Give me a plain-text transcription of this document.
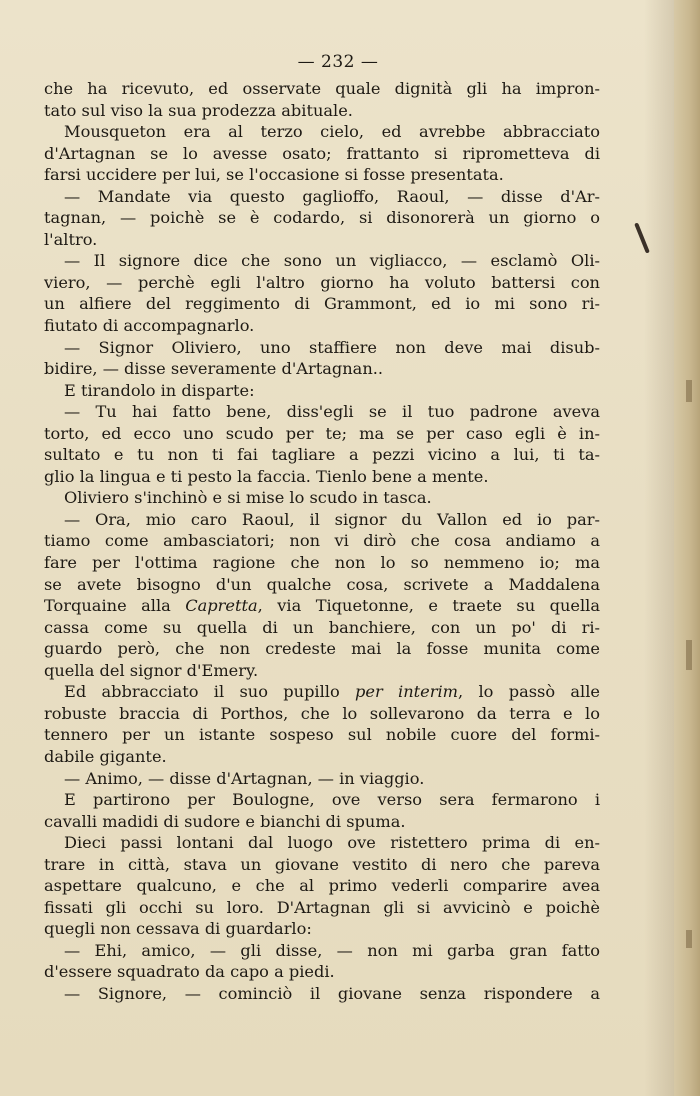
— 232 —
che ha ricevuto, ed osservate quale dignità gli ha impron-
tato sul viso la sua prodezza abituale.
Mousqueton era al terzo cielo, ed avrebbe abbracciato
d'Artagnan se lo avesse osato; frattanto si riprometteva di
farsi uccidere per lui, se l'occasione si fosse presentata.
— Mandate via questo gaglioffo, Raoul, — disse d'Ar-
tagnan, — poichè se è codardo, si disonorerà un giorno o
l'altro.
— Il signore dice che sono un vigliacco, — esclamò Oli-
viero, — perchè egli l'altro giorno ha voluto battersi con
un alfiere del reggimento di Grammont, ed io mi sono ri-
fiutato di accompagnarlo.
— Signor Oliviero, uno staffiere non deve mai disub-
bidire, — disse severamente d'Artagnan..
E tirandolo in disparte:
— Tu hai fatto bene, diss'egli se il tuo padrone aveva
torto, ed ecco uno scudo per te; ma se per caso egli è in-
sultato e tu non ti fai tagliare a pezzi vicino a lui, ti ta-
glio la lingua e ti pesto la faccia. Tienlo bene a mente.
Oliviero s'inchinò e si mise lo scudo in tasca.
— Ora, mio caro Raoul, il signor du Vallon ed io par-
tiamo come ambasciatori; non vi dirò che cosa andiamo a
fare per l'ottima ragione che non lo so nemmeno io; ma
se avete bisogno d'un qualche cosa, scrivete a Maddalena
Torquaine alla Capretta, via Tiquetonne, e traete su quella
cassa come su quella di un banchiere, con un po' di ri-
guardo però, che non credeste mai la fosse munita come
quella del signor d'Emery.
Ed abbracciato il suo pupillo per interim, lo passò alle
robuste braccia di Porthos, che lo sollevarono da terra e lo
tennero per un istante sospeso sul nobile cuore del formi-
dabile gigante.
— Animo, — disse d'Artagnan, — in viaggio.
E partirono per Boulogne, ove verso sera fermarono i
cavalli madidi di sudore e bianchi di spuma.
Dieci passi lontani dal luogo ove ristettero prima di en-
trare in città, stava un giovane vestito di nero che pareva
aspettare qualcuno, e che al primo vederli comparire avea
fissati gli occhi su loro. D'Artagnan gli si avvicinò e poichè
quegli non cessava di guardarlo:
— Ehi, amico, — gli disse, — non mi garba gran fatto
d'essere squadrato da capo a piedi.
— Signore, — cominciò il giovane senza rispondere a
